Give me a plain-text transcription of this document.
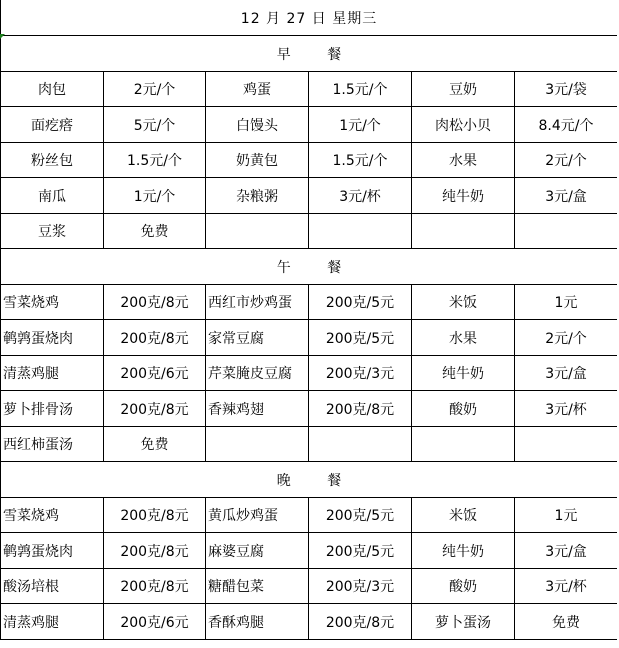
12 月 27 日 星期三					
早 餐					
肉包	2元/个	鸡蛋	1.5元/个	豆奶	3元/袋
面疙瘩	5元/个	白馒头	1元/个	肉松小贝	8.4元/个
粉丝包	1.5元/个	奶黄包	1.5元/个	水果	2元/个
南瓜	1元/个	杂粮粥	3元/杯	纯牛奶	3元/盒
豆浆	免费				
午 餐					
雪菜烧鸡	200克/8元	西红市炒鸡蛋	200克/5元	米饭	1元
鹌鹑蛋烧肉	200克/8元	家常豆腐	200克/5元	水果	2元/个
清蒸鸡腿	200克/6元	芹菜腌皮豆腐	200克/3元	纯牛奶	3元/盒
萝卜排骨汤	200克/8元	香辣鸡翅	200克/8元	酸奶	3元/杯
西红柿蛋汤	免费				
晚 餐					
雪菜烧鸡	200克/8元	黄瓜炒鸡蛋	200克/5元	米饭	1元
鹌鹑蛋烧肉	200克/8元	麻婆豆腐	200克/5元	纯牛奶	3元/盒
酸汤培根	200克/8元	糖醋包菜	200克/3元	酸奶	3元/杯
清蒸鸡腿	200克/6元	香酥鸡腿	200克/8元	萝卜蛋汤	免费
